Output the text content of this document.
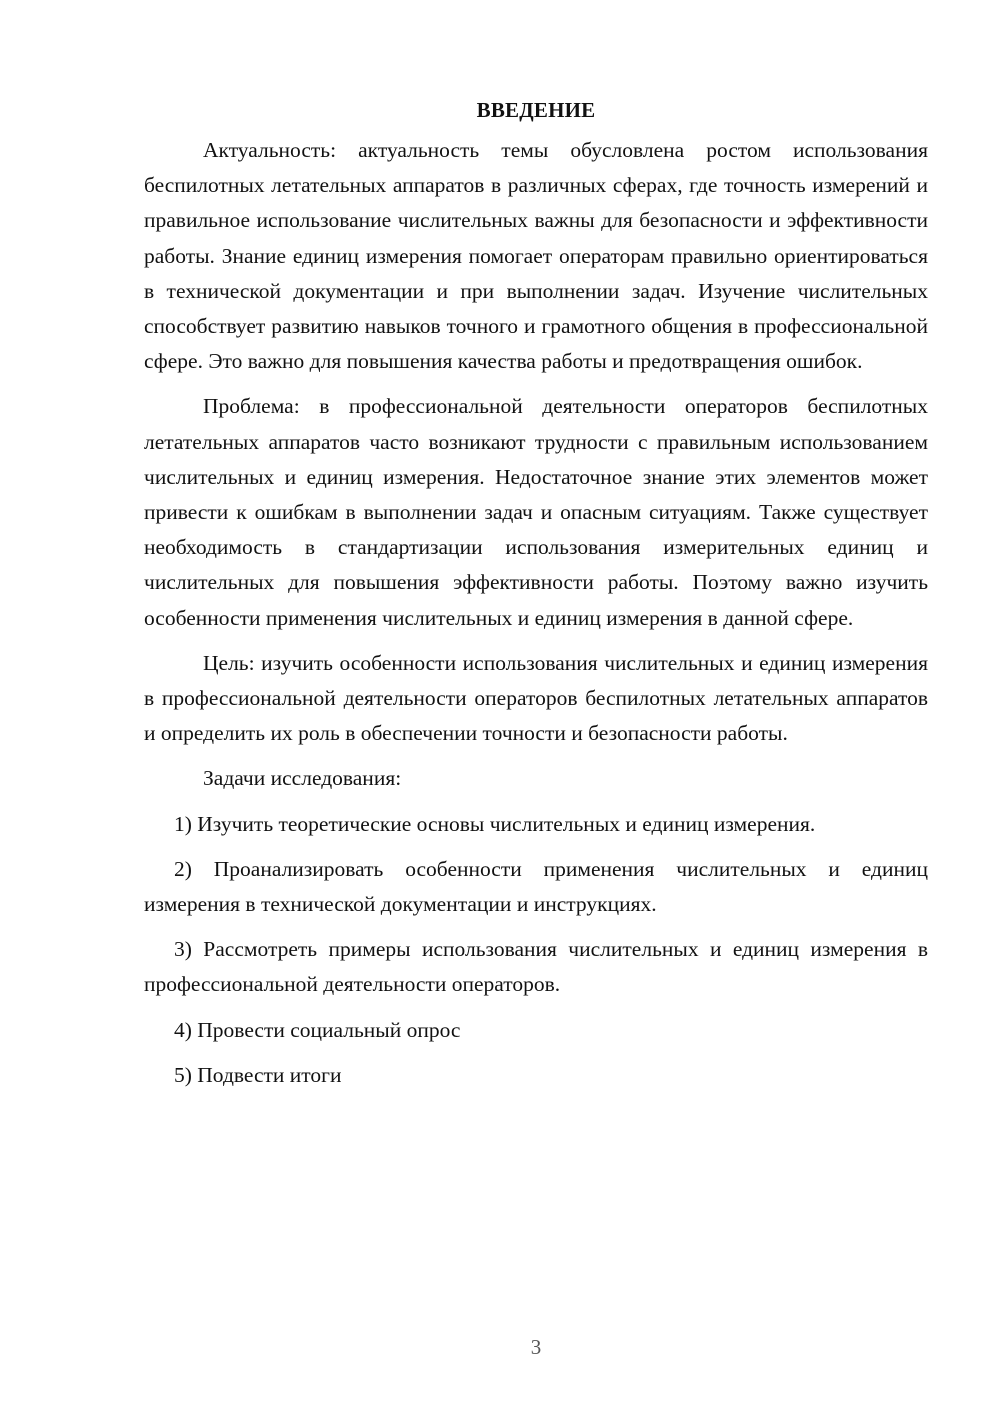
ВВЕДЕНИЕ

Актуальность: актуальность темы обусловлена ростом использования беспилотных летательных аппаратов в различных сферах, где точность измерений и правильное использование числительных важны для безопасности и эффективности работы. Знание единиц измерения помогает операторам правильно ориентироваться в технической документации и при выполнении задач. Изучение числительных способствует развитию навыков точного и грамотного общения в профессиональной сфере. Это важно для повышения качества работы и предотвращения ошибок.

Проблема: в профессиональной деятельности операторов беспилотных летательных аппаратов часто возникают трудности с правильным использованием числительных и единиц измерения. Недостаточное знание этих элементов может привести к ошибкам в выполнении задач и опасным ситуациям. Также существует необходимость в стандартизации использования измерительных единиц и числительных для повышения эффективности работы. Поэтому важно изучить особенности применения числительных и единиц измерения в данной сфере.

Цель: изучить особенности использования числительных и единиц измерения в профессиональной деятельности операторов беспилотных летательных аппаратов и определить их роль в обеспечении точности и безопасности работы.

Задачи исследования:

1) Изучить теоретические основы числительных и единиц измерения.

2) Проанализировать особенности применения числительных и единиц измерения в технической документации и инструкциях.

3) Рассмотреть примеры использования числительных и единиц измерения в профессиональной деятельности операторов.

4) Провести социальный опрос

5) Подвести итоги

3
